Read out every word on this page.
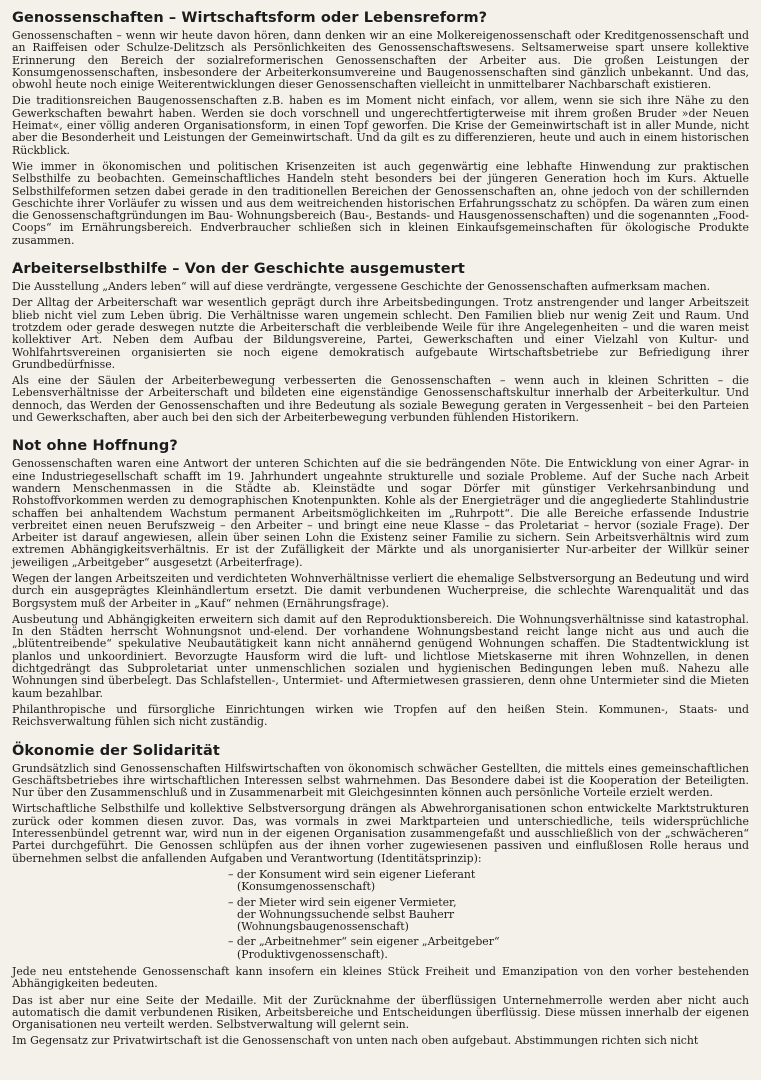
Genossenschaften – Wirtschaftsform oder Lebensreform?

Genossenschaften – wenn wir heute davon hören, dann denken wir an eine Molkereigenossenschaft oder Kreditgenossenschaft und an Raiffeisen oder Schulze-Delitzsch als Persönlichkeiten des Genossenschaftswesens. Seltsamerweise spart unsere kollektive Erinnerung den Bereich der sozialreformerischen Genossenschaften der Arbeiter aus. Die großen Leistungen der Konsumgenossenschaften, insbesondere der Arbeiterkonsumvereine und Baugenossenschaften sind gänzlich unbekannt. Und das, obwohl heute noch einige Weiterentwicklungen dieser Genossenschaften vielleicht in unmittelbarer Nachbarschaft existieren.

Die traditionsreichen Baugenossenschaften z.B. haben es im Moment nicht einfach, vor allem, wenn sie sich ihre Nähe zu den Gewerkschaften bewahrt haben. Werden sie doch vorschnell und ungerechtfertigterweise mit ihrem großen Bruder »der Neuen Heimat«, einer völlig anderen Organisationsform, in einen Topf geworfen. Die Krise der Gemeinwirtschaft ist in aller Munde, nicht aber die Besonderheit und Leistungen der Gemeinwirtschaft. Und da gilt es zu differenzieren, heute und auch in einem historischen Rückblick.

Wie immer in ökonomischen und politischen Krisenzeiten ist auch gegenwärtig eine lebhafte Hinwendung zur praktischen Selbsthilfe zu beobachten. Gemeinschaftliches Handeln steht besonders bei der jüngeren Generation hoch im Kurs. Aktuelle Selbsthilfeformen setzen dabei gerade in den traditionellen Bereichen der Genossenschaften an, ohne jedoch von der schillernden Geschichte ihrer Vorläufer zu wissen und aus dem weitreichenden historischen Erfahrungsschatz zu schöpfen. Da wären zum einen die Genossenschaftgründungen im Bau- Wohnungsbereich (Bau-, Bestands- und Hausgenossenschaften) und die sogenannten „Food-Coops“ im Ernährungsbereich. Endverbraucher schließen sich in kleinen Einkaufsgemeinschaften für ökologische Produkte zusammen.

Arbeiterselbsthilfe – Von der Geschichte ausgemustert

Die Ausstellung „Anders leben“ will auf diese verdrängte, vergessene Geschichte der Genossenschaften aufmerksam machen.

Der Alltag der Arbeiterschaft war wesentlich geprägt durch ihre Arbeitsbedingungen. Trotz anstrengender und langer Arbeitszeit blieb nicht viel zum Leben übrig. Die Verhältnisse waren ungemein schlecht. Den Familien blieb nur wenig Zeit und Raum. Und trotzdem oder gerade deswegen nutzte die Arbeiterschaft die verbleibende Weile für ihre Angelegenheiten – und die waren meist kollektiver Art. Neben dem Aufbau der Bildungsvereine, Partei, Gewerkschaften und einer Vielzahl von Kultur- und Wohlfahrtsvereinen organisierten sie noch eigene demokratisch aufgebaute Wirtschaftsbetriebe zur Befriedigung ihrer Grundbedürfnisse.

Als eine der Säulen der Arbeiterbewegung verbesserten die Genossenschaften – wenn auch in kleinen Schritten – die Lebensverhältnisse der Arbeiterschaft und bildeten eine eigenständige Genossenschaftskultur innerhalb der Arbeiterkultur. Und dennoch, das Werden der Genossenschaften und ihre Bedeutung als soziale Bewegung geraten in Vergessenheit – bei den Parteien und Gewerkschaften, aber auch bei den sich der Arbeiterbewegung verbunden fühlenden Historikern.

Not ohne Hoffnung?

Genossenschaften waren eine Antwort der unteren Schichten auf die sie bedrängenden Nöte. Die Entwicklung von einer Agrar- in eine Industriegesellschaft schafft im 19. Jahrhundert ungeahnte strukturelle und soziale Probleme. Auf der Suche nach Arbeit wandern Menschenmassen in die Städte ab. Kleinstädte und sogar Dörfer mit günstiger Verkehrsanbindung und Rohstoffvorkommen werden zu demographischen Knotenpunkten. Kohle als der Energieträger und die angegliederte Stahlindustrie schaffen bei anhaltendem Wachstum permanent Arbeitsmöglichkeiten im „Ruhrpott“. Die alle Bereiche erfassende Industrie verbreitet einen neuen Berufszweig – den Arbeiter – und bringt eine neue Klasse – das Proletariat – hervor (soziale Frage). Der Arbeiter ist darauf angewiesen, allein über seinen Lohn die Existenz seiner Familie zu sichern. Sein Arbeitsverhältnis wird zum extremen Abhängigkeitsverhältnis. Er ist der Zufälligkeit der Märkte und als unorganisierter Nur-arbeiter der Willkür seiner jeweiligen „Arbeitgeber“ ausgesetzt (Arbeiterfrage).

Wegen der langen Arbeitszeiten und verdichteten Wohnverhältnisse verliert die ehemalige Selbstversorgung an Bedeutung und wird durch ein ausgeprägtes Kleinhändlertum ersetzt. Die damit verbundenen Wucherpreise, die schlechte Warenqualität und das Borgsystem muß der Arbeiter in „Kauf“ nehmen (Ernährungsfrage).

Ausbeutung und Abhängigkeiten erweitern sich damit auf den Reproduktionsbereich. Die Wohnungsverhältnisse sind katastrophal. In den Städten herrscht Wohnungsnot und-elend. Der vorhandene Wohnungsbestand reicht lange nicht aus und auch die „blütentreibende“ spekulative Neubautätigkeit kann nicht annähernd genügend Wohnungen schaffen. Die Stadtentwicklung ist planlos und unkoordiniert. Bevorzugte Hausform wird die luft- und lichtlose Mietskaserne mit ihren Wohnzellen, in denen dichtgedrängt das Subproletariat unter unmenschlichen sozialen und hygienischen Bedingungen leben muß. Nahezu alle Wohnungen sind überbelegt. Das Schlafstellen-, Untermiet- und Aftermietwesen grassieren, denn ohne Untermieter sind die Mieten kaum bezahlbar.

Philanthropische und fürsorgliche Einrichtungen wirken wie Tropfen auf den heißen Stein. Kommunen-, Staats- und Reichsverwaltung fühlen sich nicht zuständig.

Ökonomie der Solidarität

Grundsätzlich sind Genossenschaften Hilfswirtschaften von ökonomisch schwächer Gestellten, die mittels eines gemeinschaftlichen Geschäftsbetriebes ihre wirtschaftlichen Interessen selbst wahrnehmen. Das Besondere dabei ist die Kooperation der Beteiligten. Nur über den Zusammenschluß und in Zusammenarbeit mit Gleichgesinnten können auch persönliche Vorteile erzielt werden.

Wirtschaftliche Selbsthilfe und kollektive Selbstversorgung drängen als Abwehrorganisationen schon entwickelte Marktstrukturen zurück oder kommen diesen zuvor. Das, was vormals in zwei Marktparteien und unterschiedliche, teils widersprüchliche Interessenbündel getrennt war, wird nun in der eigenen Organisation zusammengefaßt und ausschließlich von der „schwächeren“ Partei durchgeführt. Die Genossen schlüpfen aus der ihnen vorher zugewiesenen passiven und einflußlosen Rolle heraus und übernehmen selbst die anfallenden Aufgaben und Verantwortung (Identitätsprinzip):

– der Konsument wird sein eigener Lieferant
(Konsumgenossenschaft)
– der Mieter wird sein eigener Vermieter,
der Wohnungssuchende selbst Bauherr
(Wohnungsbaugenossenschaft)
– der „Arbeitnehmer“ sein eigener „Arbeitgeber“
(Produktivgenossenschaft).

Jede neu entstehende Genossenschaft kann insofern ein kleines Stück Freiheit und Emanzipation von den vorher bestehenden Abhängigkeiten bedeuten.

Das ist aber nur eine Seite der Medaille. Mit der Zurücknahme der überflüssigen Unternehmerrolle werden aber nicht auch automatisch die damit verbundenen Risiken, Arbeitsbereiche und Entscheidungen überflüssig. Diese müssen innerhalb der eigenen Organisationen neu verteilt werden. Selbstverwaltung will gelernt sein.

Im Gegensatz zur Privatwirtschaft ist die Genossenschaft von unten nach oben aufgebaut. Abstimmungen richten sich nicht
